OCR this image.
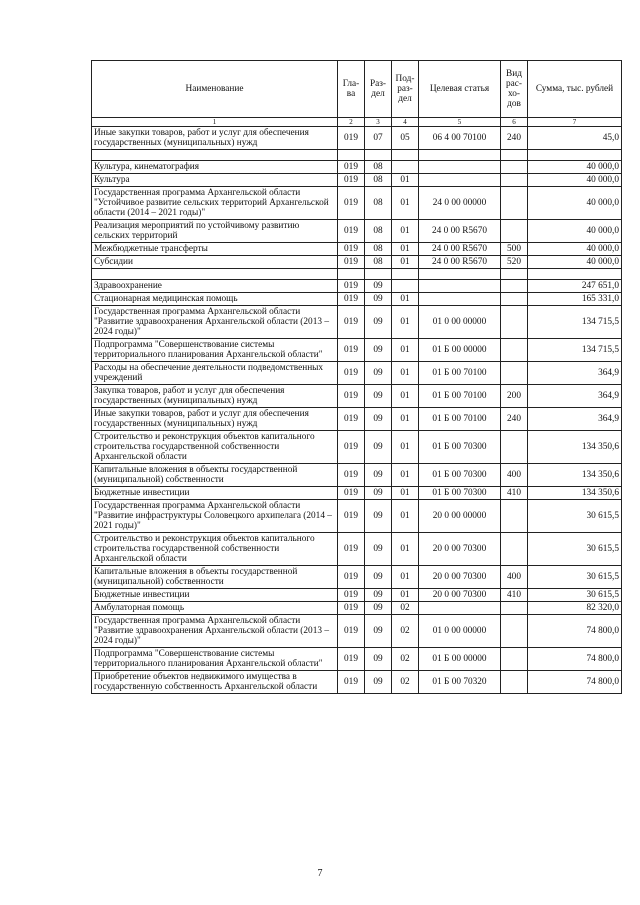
Наименование	Гла-ва	Раз-дел	Под-раз-дел	Целевая статья	Вид рас-хо-дов	Сумма, тыс. рублей
1	2	3	4	5	6	7
Иные закупки товаров, работ и услуг для обеспечения государственных (муниципальных) нужд	019	07	05	06 4 00 70100	240	45,0

Культура, кинематография	019	08				40 000,0
Культура	019	08	01			40 000,0
Государственная программа Архангельской области "Устойчивое развитие сельских территорий Архангельской области (2014 – 2021 годы)"	019	08	01	24 0 00 00000		40 000,0
Реализация мероприятий по устойчивому развитию сельских территорий	019	08	01	24 0 00 R5670		40 000,0
Межбюджетные трансферты	019	08	01	24 0 00 R5670	500	40 000,0
Субсидии	019	08	01	24 0 00 R5670	520	40 000,0

Здравоохранение	019	09				247 651,0
Стационарная медицинская помощь	019	09	01			165 331,0
Государственная программа Архангельской области "Развитие здравоохранения Архангельской области (2013 – 2024 годы)"	019	09	01	01 0 00 00000		134 715,5
Подпрограмма "Совершенствование системы территориального планирования Архангельской области"	019	09	01	01 Б 00 00000		134 715,5
Расходы на обеспечение деятельности подведомственных учреждений	019	09	01	01 Б 00 70100		364,9
Закупка товаров, работ и услуг для обеспечения государственных (муниципальных) нужд	019	09	01	01 Б 00 70100	200	364,9
Иные закупки товаров, работ и услуг для обеспечения государственных (муниципальных) нужд	019	09	01	01 Б 00 70100	240	364,9
Строительство и реконструкция объектов капитального строительства государственной собственности Архангельской области	019	09	01	01 Б 00 70300		134 350,6
Капитальные вложения в объекты государственной (муниципальной) собственности	019	09	01	01 Б 00 70300	400	134 350,6
Бюджетные инвестиции	019	09	01	01 Б 00 70300	410	134 350,6
Государственная программа Архангельской области "Развитие инфраструктуры Соловецкого архипелага (2014 – 2021 годы)"	019	09	01	20 0 00 00000		30 615,5
Строительство и реконструкция объектов капитального строительства государственной собственности Архангельской области	019	09	01	20 0 00 70300		30 615,5
Капитальные вложения в объекты государственной (муниципальной) собственности	019	09	01	20 0 00 70300	400	30 615,5
Бюджетные инвестиции	019	09	01	20 0 00 70300	410	30 615,5
Амбулаторная помощь	019	09	02			82 320,0
Государственная программа Архангельской области "Развитие здравоохранения Архангельской области (2013 – 2024 годы)"	019	09	02	01 0 00 00000		74 800,0
Подпрограмма "Совершенствование системы территориального планирования Архангельской области"	019	09	02	01 Б 00 00000		74 800,0
Приобретение объектов недвижимого имущества в государственную собственность Архангельской области	019	09	02	01 Б 00 70320		74 800,0
7
